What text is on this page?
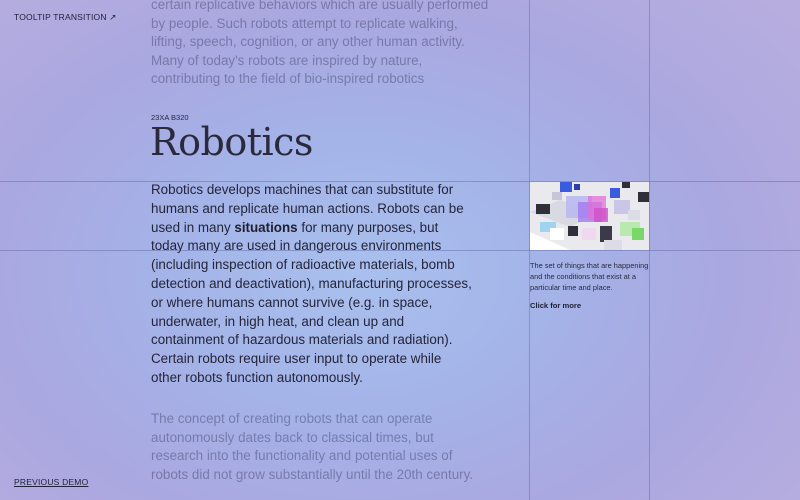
TOOLTIP TRANSITION ↗

certain replicative behaviors which are usually performed by people. Such robots attempt to replicate walking, lifting, speech, cognition, or any other human activity. Many of today's robots are inspired by nature, contributing to the field of bio-inspired robotics

23XA B320
Robotics

Robotics develops machines that can substitute for humans and replicate human actions. Robots can be used in many situations for many purposes, but today many are used in dangerous environments (including inspection of radioactive materials, bomb detection and deactivation), manufacturing processes, or where humans cannot survive (e.g. in space, underwater, in high heat, and clean up and containment of hazardous materials and radiation). Certain robots require user input to operate while other robots function autonomously.

The concept of creating robots that can operate autonomously dates back to classical times, but research into the functionality and potential uses of robots did not grow substantially until the 20th century.

The set of things that are happening and the conditions that exist at a particular time and place.

Click for more
PREVIOUS DEMO
